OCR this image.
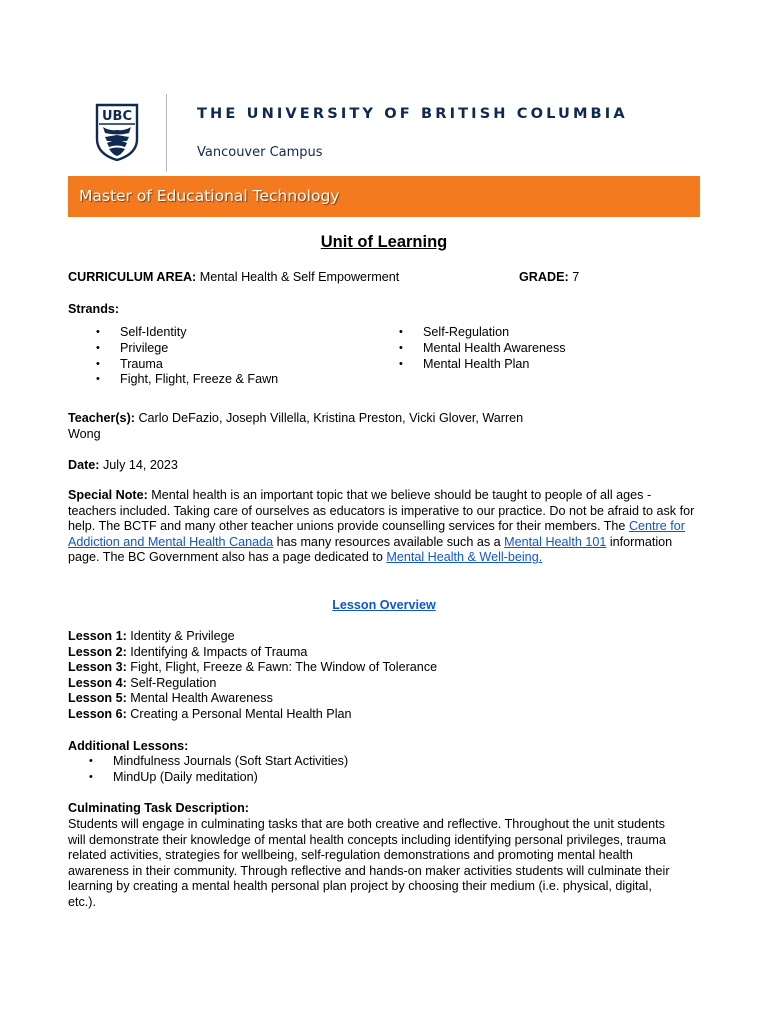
UBC	THE UNIVERSITY OF BRITISH COLUMBIA
Vancouver Campus
Master of Educational Technology
Unit of Learning
CURRICULUM AREA: Mental Health & Self Empowerment	GRADE: 7
Strands:
• Self-Identity
• Privilege
• Trauma
• Fight, Flight, Freeze & Fawn
• Self-Regulation
• Mental Health Awareness
• Mental Health Plan
Teacher(s): Carlo DeFazio, Joseph Villella, Kristina Preston, Vicki Glover, Warren
Wong
Date: July 14, 2023
Special Note: Mental health is an important topic that we believe should be taught to people of all ages - teachers included. Taking care of ourselves as educators is imperative to our practice. Do not be afraid to ask for help. The BCTF and many other teacher unions provide counselling services for their members. The Centre for Addiction and Mental Health Canada has many resources available such as a Mental Health 101 information page. The BC Government also has a page dedicated to Mental Health & Well-being.
Lesson Overview
Lesson 1: Identity & Privilege
Lesson 2: Identifying & Impacts of Trauma
Lesson 3: Fight, Flight, Freeze & Fawn: The Window of Tolerance
Lesson 4: Self-Regulation
Lesson 5: Mental Health Awareness
Lesson 6: Creating a Personal Mental Health Plan
Additional Lessons:
• Mindfulness Journals (Soft Start Activities)
• MindUp (Daily meditation)
Culminating Task Description:
Students will engage in culminating tasks that are both creative and reflective. Throughout the unit students
will demonstrate their knowledge of mental health concepts including identifying personal privileges, trauma
related activities, strategies for wellbeing, self-regulation demonstrations and promoting mental health
awareness in their community. Through reflective and hands-on maker activities students will culminate their
learning by creating a mental health personal plan project by choosing their medium (i.e. physical, digital,
etc.).
